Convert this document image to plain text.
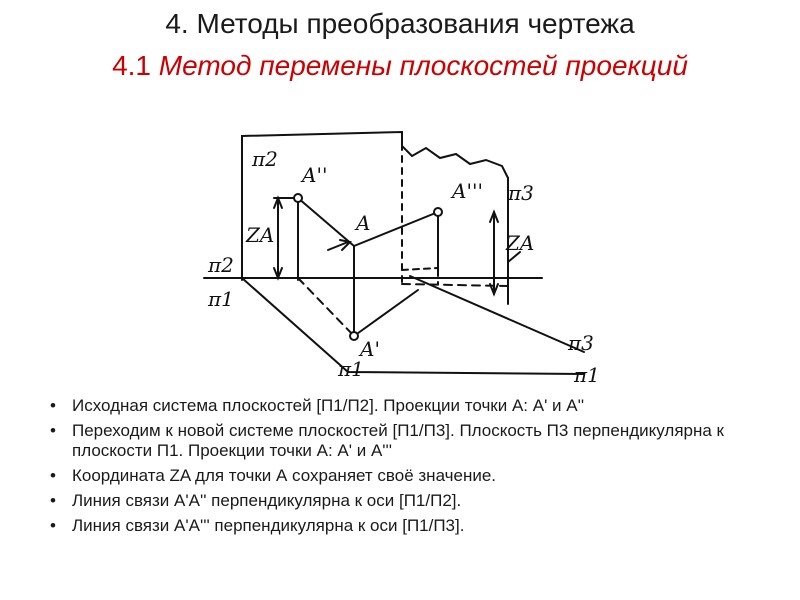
4. Методы преобразования чертежа
4.1 Метод перемены плоскостей проекций
π2
A''
A''' π3
A
ZA	ZA
π2
π1
A'	π3
π1	π1
• Исходная система плоскостей [П1/П2]. Проекции точки А: А' и А''
• Переходим к новой системе плоскостей [П1/П3]. Плоскость П3 перпендикулярна к плоскости П1. Проекции точки А: А' и А'''
• Координата ZA для точки А сохраняет своё значение.
• Линия связи А'А'' перпендикулярна к оси [П1/П2].
• Линия связи А'А''' перпендикулярна к оси [П1/П3].
